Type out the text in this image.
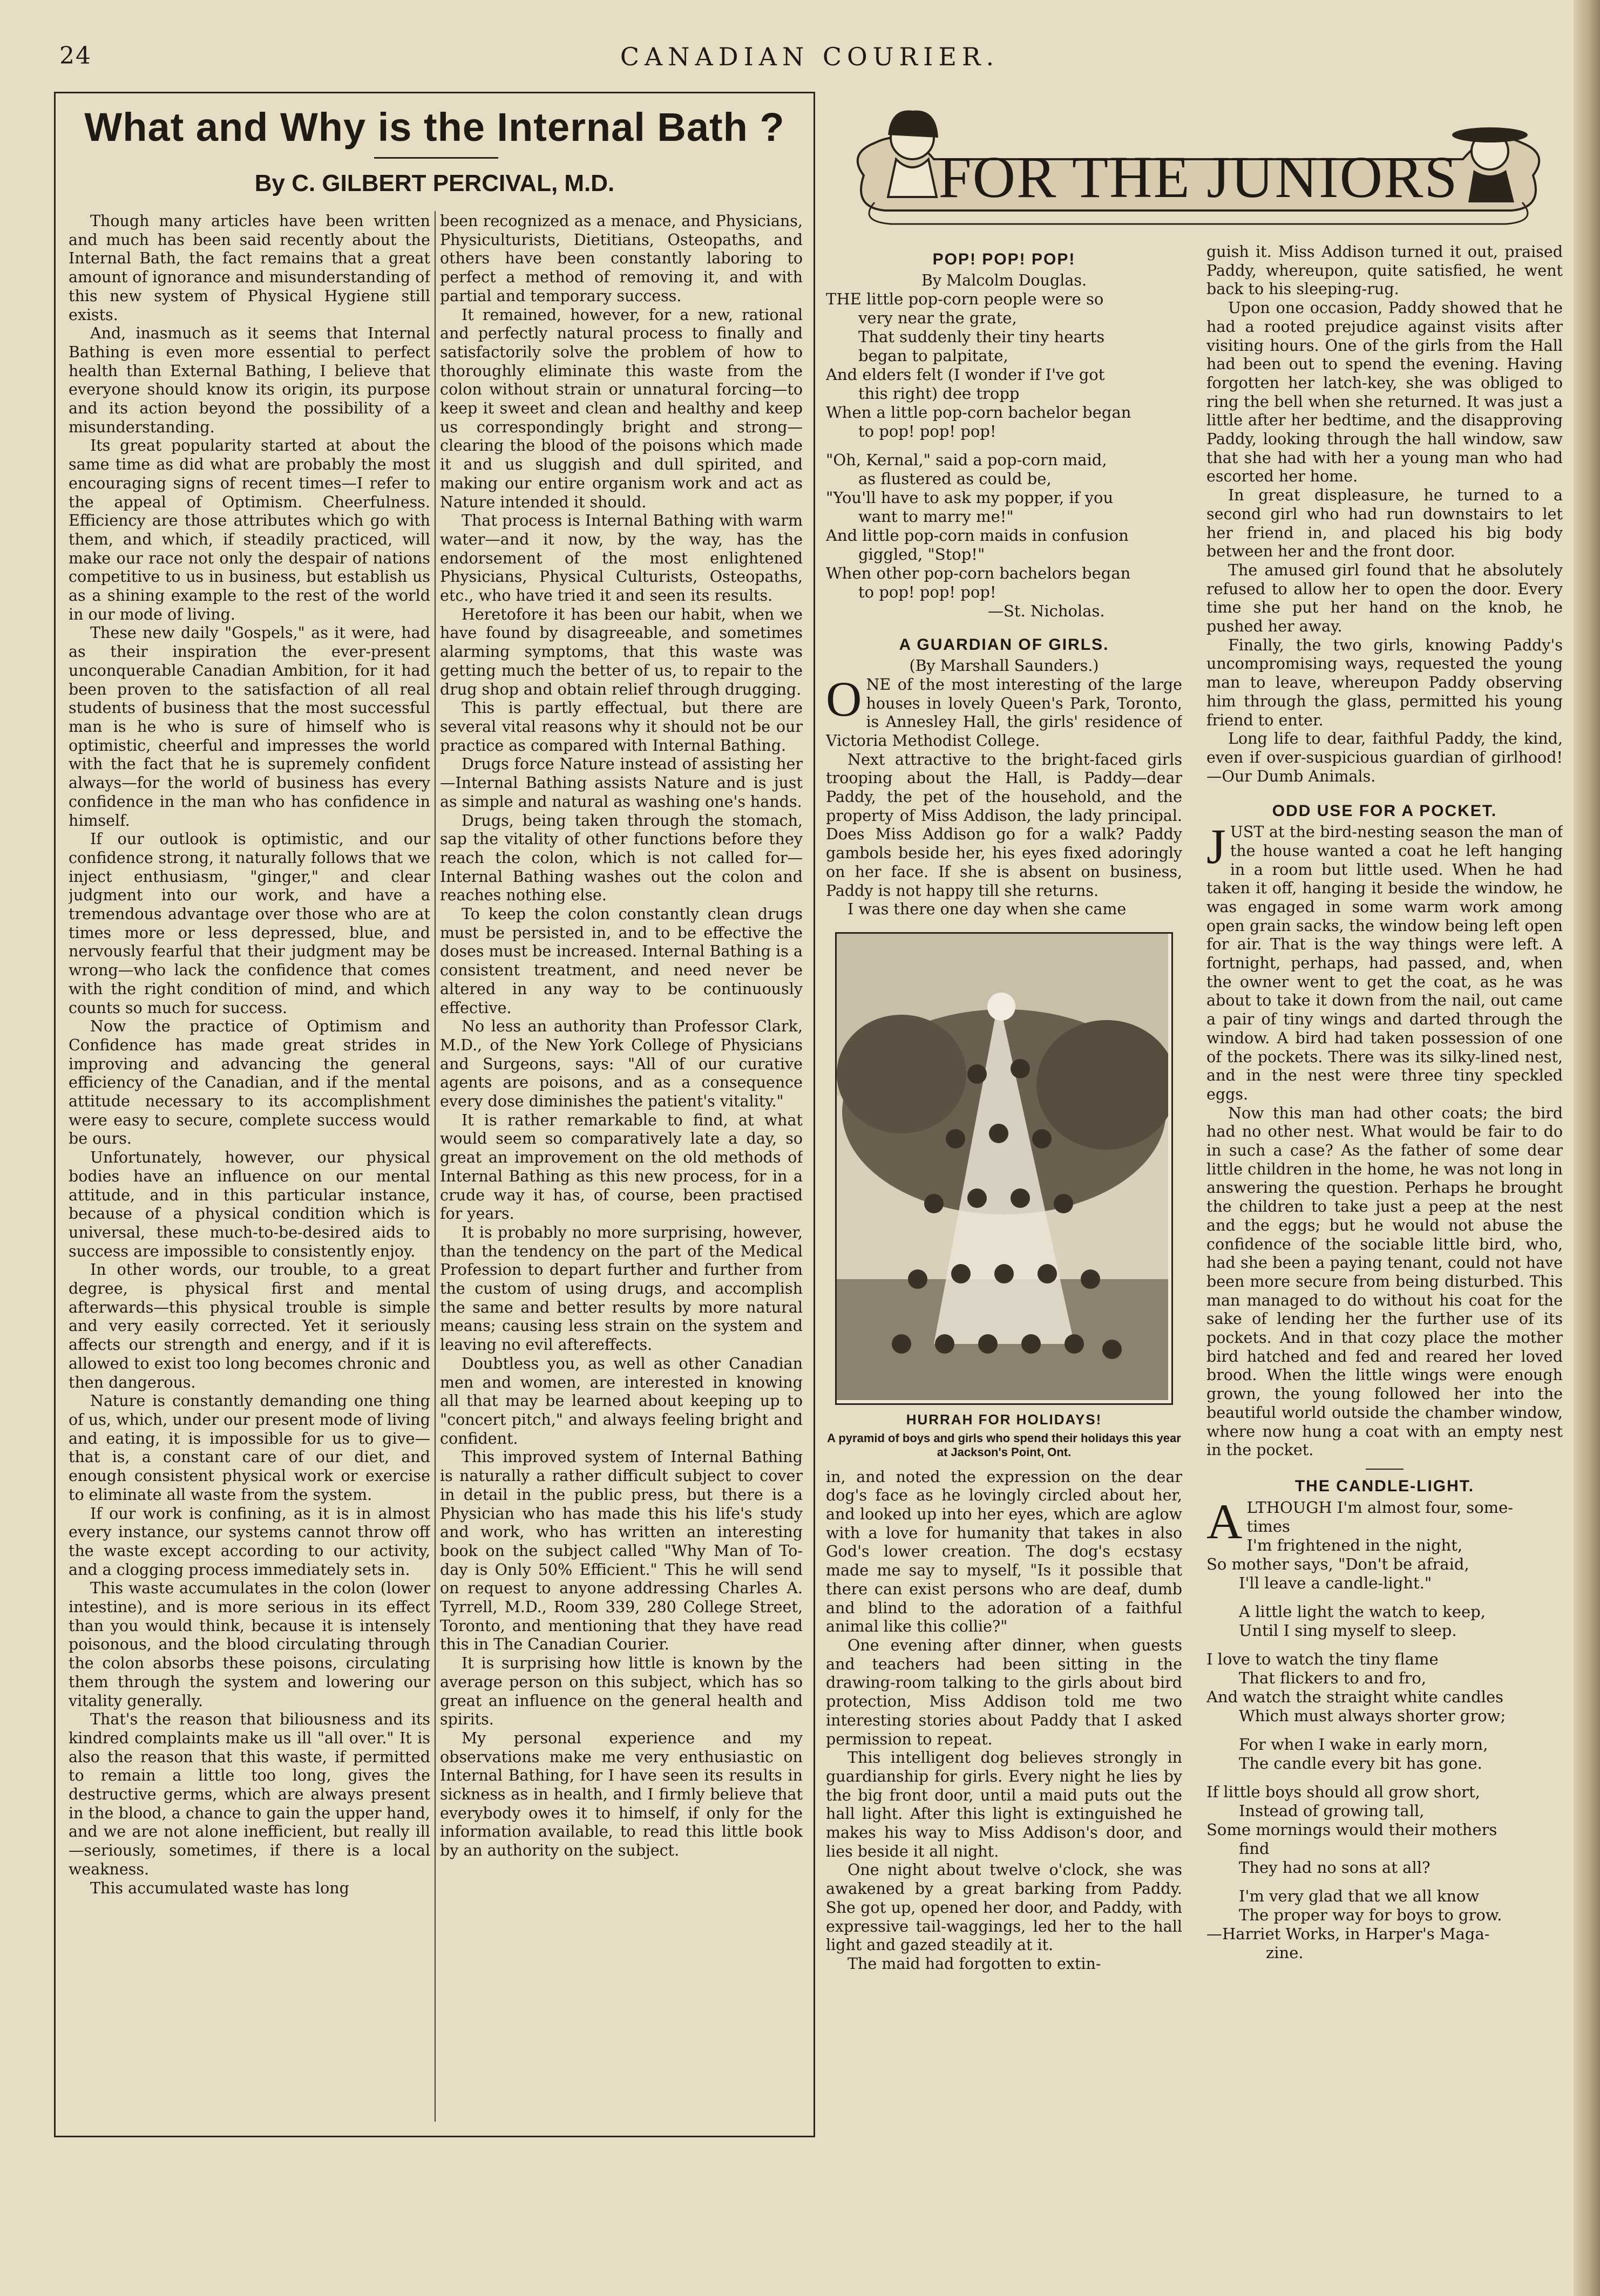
24	CANADIAN COURIER.
What and Why is the Internal Bath ?
By C. GILBERT PERCIVAL, M.D.

Though many articles have been written and much has been said recently about the Internal Bath, the fact remains that a great amount of ignorance and misunderstanding of this new system of Physical Hygiene still exists.

And, inasmuch as it seems that Internal Bathing is even more essential to perfect health than External Bathing, I believe that everyone should know its origin, its purpose and its action beyond the possibility of a misunderstanding.

Its great popularity started at about the same time as did what are probably the most encouraging signs of recent times—I refer to the appeal of Optimism. Cheerfulness. Efficiency are those attributes which go with them, and which, if steadily practiced, will make our race not only the despair of nations competitive to us in business, but establish us as a shining example to the rest of the world in our mode of living.

These new daily "Gospels," as it were, had as their inspiration the ever-present unconquerable Canadian Ambition, for it had been proven to the satisfaction of all real students of business that the most successful man is he who is sure of himself who is optimistic, cheerful and impresses the world with the fact that he is supremely confident always—for the world of business has every confidence in the man who has confidence in himself.

If our outlook is optimistic, and our confidence strong, it naturally follows that we inject enthusiasm, "ginger," and clear judgment into our work, and have a tremendous advantage over those who are at times more or less depressed, blue, and nervously fearful that their judgment may be wrong—who lack the confidence that comes with the right condition of mind, and which counts so much for success.

Now the practice of Optimism and Confidence has made great strides in improving and advancing the general efficiency of the Canadian, and if the mental attitude necessary to its accomplishment were easy to secure, complete success would be ours.

Unfortunately, however, our physical bodies have an influence on our mental attitude, and in this particular instance, because of a physical condition which is universal, these much-to-be-desired aids to success are impossible to consistently enjoy.

In other words, our trouble, to a great degree, is physical first and mental afterwards—this physical trouble is simple and very easily corrected. Yet it seriously affects our strength and energy, and if it is allowed to exist too long becomes chronic and then dangerous.

Nature is constantly demanding one thing of us, which, under our present mode of living and eating, it is impossible for us to give—that is, a constant care of our diet, and enough consistent physical work or exercise to eliminate all waste from the system.

If our work is confining, as it is in almost every instance, our systems cannot throw off the waste except according to our activity, and a clogging process immediately sets in.

This waste accumulates in the colon (lower intestine), and is more serious in its effect than you would think, because it is intensely poisonous, and the blood circulating through the colon absorbs these poisons, circulating them through the system and lowering our vitality generally.

That's the reason that biliousness and its kindred complaints make us ill "all over." It is also the reason that this waste, if permitted to remain a little too long, gives the destructive germs, which are always present in the blood, a chance to gain the upper hand, and we are not alone inefficient, but really ill—seriously, sometimes, if there is a local weakness.

This accumulated waste has long

been recognized as a menace, and Physicians, Physiculturists, Dietitians, Osteopaths, and others have been constantly laboring to perfect a method of removing it, and with partial and temporary success.

It remained, however, for a new, rational and perfectly natural process to finally and satisfactorily solve the problem of how to thoroughly eliminate this waste from the colon without strain or unnatural forcing—to keep it sweet and clean and healthy and keep us correspondingly bright and strong—clearing the blood of the poisons which made it and us sluggish and dull spirited, and making our entire organism work and act as Nature intended it should.

That process is Internal Bathing with warm water—and it now, by the way, has the endorsement of the most enlightened Physicians, Physical Culturists, Osteopaths, etc., who have tried it and seen its results.

Heretofore it has been our habit, when we have found by disagreeable, and sometimes alarming symptoms, that this waste was getting much the better of us, to repair to the drug shop and obtain relief through drugging.

This is partly effectual, but there are several vital reasons why it should not be our practice as compared with Internal Bathing.

Drugs force Nature instead of assisting her—Internal Bathing assists Nature and is just as simple and natural as washing one's hands.

Drugs, being taken through the stomach, sap the vitality of other functions before they reach the colon, which is not called for—Internal Bathing washes out the colon and reaches nothing else.

To keep the colon constantly clean drugs must be persisted in, and to be effective the doses must be increased. Internal Bathing is a consistent treatment, and need never be altered in any way to be continuously effective.

No less an authority than Professor Clark, M.D., of the New York College of Physicians and Surgeons, says: "All of our curative agents are poisons, and as a consequence every dose diminishes the patient's vitality."

It is rather remarkable to find, at what would seem so comparatively late a day, so great an improvement on the old methods of Internal Bathing as this new process, for in a crude way it has, of course, been practised for years.

It is probably no more surprising, however, than the tendency on the part of the Medical Profession to depart further and further from the custom of using drugs, and accomplish the same and better results by more natural means; causing less strain on the system and leaving no evil aftereffects.

Doubtless you, as well as other Canadian men and women, are interested in knowing all that may be learned about keeping up to "concert pitch," and always feeling bright and confident.

This improved system of Internal Bathing is naturally a rather difficult subject to cover in detail in the public press, but there is a Physician who has made this his life's study and work, who has written an interesting book on the subject called "Why Man of To-day is Only 50% Efficient." This he will send on request to anyone addressing Charles A. Tyrrell, M.D., Room 339, 280 College Street, Toronto, and mentioning that they have read this in The Canadian Courier.

It is surprising how little is known by the average person on this subject, which has so great an influence on the general health and spirits.

My personal experience and my observations make me very enthusiastic on Internal Bathing, for I have seen its results in sickness as in health, and I firmly believe that everybody owes it to himself, if only for the information available, to read this little book by an authority on the subject.

FOR THE JUNIORS

POP! POP! POP!

By Malcolm Douglas.

THE little pop-corn people were so
very near the grate,
That suddenly their tiny hearts
began to palpitate,
And elders felt (I wonder if I've got
this right) dee tropp
When a little pop-corn bachelor began
to pop! pop! pop!
"Oh, Kernal," said a pop-corn maid,
as flustered as could be,
"You'll have to ask my popper, if you
want to marry me!"
And little pop-corn maids in confusion
giggled, "Stop!"
When other pop-corn bachelors began
to pop! pop! pop!
—St. Nicholas.

A GUARDIAN OF GIRLS.

(By Marshall Saunders.)

ONE of the most interesting of the large houses in lovely Queen's Park, Toronto, is Annesley Hall, the girls' residence of Victoria Methodist College.

Next attractive to the bright-faced girls trooping about the Hall, is Paddy—dear Paddy, the pet of the household, and the property of Miss Addison, the lady principal. Does Miss Addison go for a walk? Paddy gambols beside her, his eyes fixed adoringly on her face. If she is absent on business, Paddy is not happy till she returns.

I was there one day when she came

HURRAH FOR HOLIDAYS!
A pyramid of boys and girls who spend their holidays this year at Jackson's Point, Ont.

in, and noted the expression on the dear dog's face as he lovingly circled about her, and looked up into her eyes, which are aglow with a love for humanity that takes in also God's lower creation. The dog's ecstasy made me say to myself, "Is it possible that there can exist persons who are deaf, dumb and blind to the adoration of a faithful animal like this collie?"

One evening after dinner, when guests and teachers had been sitting in the drawing-room talking to the girls about bird protection, Miss Addison told me two interesting stories about Paddy that I asked permission to repeat.

This intelligent dog believes strongly in guardianship for girls. Every night he lies by the big front door, until a maid puts out the hall light. After this light is extinguished he makes his way to Miss Addison's door, and lies beside it all night.

One night about twelve o'clock, she was awakened by a great barking from Paddy. She got up, opened her door, and Paddy, with expressive tail-waggings, led her to the hall light and gazed steadily at it.

The maid had forgotten to extin-

guish it. Miss Addison turned it out, praised Paddy, whereupon, quite satisfied, he went back to his sleeping-rug.

Upon one occasion, Paddy showed that he had a rooted prejudice against visits after visiting hours. One of the girls from the Hall had been out to spend the evening. Having forgotten her latch-key, she was obliged to ring the bell when she returned. It was just a little after her bedtime, and the disapproving Paddy, looking through the hall window, saw that she had with her a young man who had escorted her home.

In great displeasure, he turned to a second girl who had run downstairs to let her friend in, and placed his big body between her and the front door.

The amused girl found that he absolutely refused to allow her to open the door. Every time she put her hand on the knob, he pushed her away.

Finally, the two girls, knowing Paddy's uncompromising ways, requested the young man to leave, whereupon Paddy observing him through the glass, permitted his young friend to enter.

Long life to dear, faithful Paddy, the kind, even if over-suspicious guardian of girlhood!—Our Dumb Animals.

ODD USE FOR A POCKET.

JUST at the bird-nesting season the man of the house wanted a coat he left hanging in a room but little used. When he had taken it off, hanging it beside the window, he was engaged in some warm work among open grain sacks, the window being left open for air. That is the way things were left. A fortnight, perhaps, had passed, and, when the owner went to get the coat, as he was about to take it down from the nail, out came a pair of tiny wings and darted through the window. A bird had taken possession of one of the pockets. There was its silky-lined nest, and in the nest were three tiny speckled eggs.

Now this man had other coats; the bird had no other nest. What would be fair to do in such a case? As the father of some dear little children in the home, he was not long in answering the question. Perhaps he brought the children to take just a peep at the nest and the eggs; but he would not abuse the confidence of the sociable little bird, who, had she been a paying tenant, could not have been more secure from being disturbed. This man managed to do without his coat for the sake of lending her the further use of its pockets. And in that cozy place the mother bird hatched and fed and reared her loved brood. When the little wings were enough grown, the young followed her into the beautiful world outside the chamber window, where now hung a coat with an empty nest in the pocket.

THE CANDLE-LIGHT.

ALTHOUGH I'm almost four, some-
times
I'm frightened in the night,
So mother says, "Don't be afraid,
I'll leave a candle-light."
A little light the watch to keep,
Until I sing myself to sleep.
I love to watch the tiny flame
That flickers to and fro,
And watch the straight white candles
Which must always shorter grow;
For when I wake in early morn,
The candle every bit has gone.
If little boys should all grow short,
Instead of growing tall,
Some mornings would their mothers
find
They had no sons at all?
I'm very glad that we all know
The proper way for boys to grow.
—Harriet Works, in Harper's Maga-
zine.
